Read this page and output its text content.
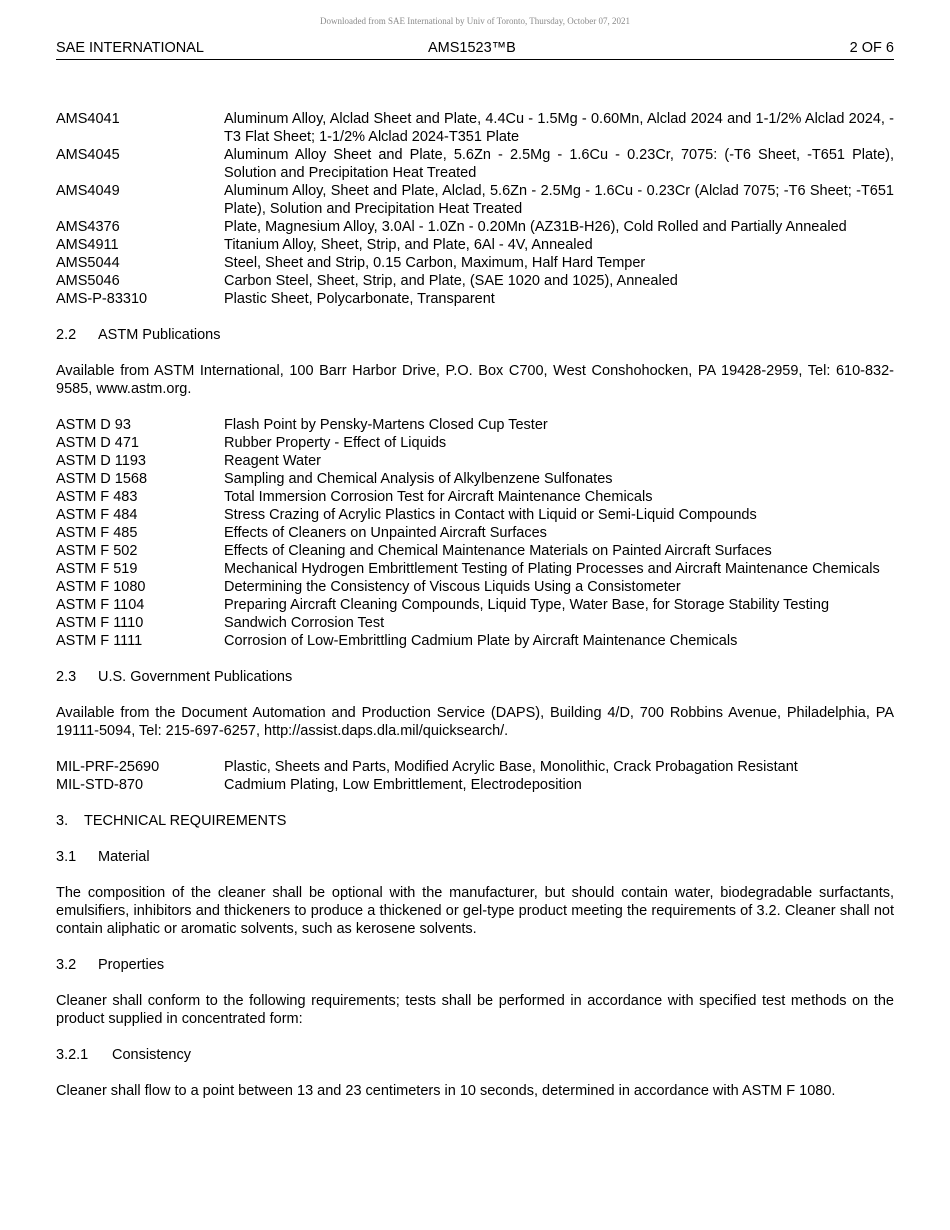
Downloaded from SAE International by Univ of Toronto, Thursday, October 07, 2021
SAE INTERNATIONAL	AMS1523™B	2 OF 6
AMS4041	Aluminum Alloy, Alclad Sheet and Plate, 4.4Cu - 1.5Mg - 0.60Mn, Alclad 2024 and 1-1/2% Alclad 2024, -T3 Flat Sheet; 1-1/2% Alclad 2024-T351 Plate
AMS4045	Aluminum Alloy Sheet and Plate, 5.6Zn - 2.5Mg - 1.6Cu - 0.23Cr, 7075: (-T6 Sheet, -T651 Plate), Solution and Precipitation Heat Treated
AMS4049	Aluminum Alloy, Sheet and Plate, Alclad, 5.6Zn - 2.5Mg - 1.6Cu - 0.23Cr (Alclad 7075; -T6 Sheet; -T651 Plate), Solution and Precipitation Heat Treated
AMS4376	Plate, Magnesium Alloy, 3.0Al - 1.0Zn - 0.20Mn (AZ31B-H26), Cold Rolled and Partially Annealed
AMS4911	Titanium Alloy, Sheet, Strip, and Plate, 6Al - 4V, Annealed
AMS5044	Steel, Sheet and Strip, 0.15 Carbon, Maximum, Half Hard Temper
AMS5046	Carbon Steel, Sheet, Strip, and Plate, (SAE 1020 and 1025), Annealed
AMS-P-83310	Plastic Sheet, Polycarbonate, Transparent
2.2 ASTM Publications

Available from ASTM International, 100 Barr Harbor Drive, P.O. Box C700, West Conshohocken, PA 19428-2959, Tel: 610-832-9585, www.astm.org.

ASTM D 93	Flash Point by Pensky-Martens Closed Cup Tester
ASTM D 471	Rubber Property - Effect of Liquids
ASTM D 1193	Reagent Water
ASTM D 1568	Sampling and Chemical Analysis of Alkylbenzene Sulfonates
ASTM F 483	Total Immersion Corrosion Test for Aircraft Maintenance Chemicals
ASTM F 484	Stress Crazing of Acrylic Plastics in Contact with Liquid or Semi-Liquid Compounds
ASTM F 485	Effects of Cleaners on Unpainted Aircraft Surfaces
ASTM F 502	Effects of Cleaning and Chemical Maintenance Materials on Painted Aircraft Surfaces
ASTM F 519	Mechanical Hydrogen Embrittlement Testing of Plating Processes and Aircraft Maintenance Chemicals
ASTM F 1080	Determining the Consistency of Viscous Liquids Using a Consistometer
ASTM F 1104	Preparing Aircraft Cleaning Compounds, Liquid Type, Water Base, for Storage Stability Testing
ASTM F 1110	Sandwich Corrosion Test
ASTM F 1111	Corrosion of Low-Embrittling Cadmium Plate by Aircraft Maintenance Chemicals
2.3 U.S. Government Publications

Available from the Document Automation and Production Service (DAPS), Building 4/D, 700 Robbins Avenue, Philadelphia, PA 19111-5094, Tel: 215-697-6257, http://assist.daps.dla.mil/quicksearch/.

MIL-PRF-25690	Plastic, Sheets and Parts, Modified Acrylic Base, Monolithic, Crack Probagation Resistant
MIL-STD-870	Cadmium Plating, Low Embrittlement, Electrodeposition
3. TECHNICAL REQUIREMENTS
3.1 Material

The composition of the cleaner shall be optional with the manufacturer, but should contain water, biodegradable surfactants, emulsifiers, inhibitors and thickeners to produce a thickened or gel-type product meeting the requirements of 3.2. Cleaner shall not contain aliphatic or aromatic solvents, such as kerosene solvents.

3.2 Properties

Cleaner shall conform to the following requirements; tests shall be performed in accordance with specified test methods on the product supplied in concentrated form:

3.2.1 Consistency

Cleaner shall flow to a point between 13 and 23 centimeters in 10 seconds, determined in accordance with ASTM F 1080.
